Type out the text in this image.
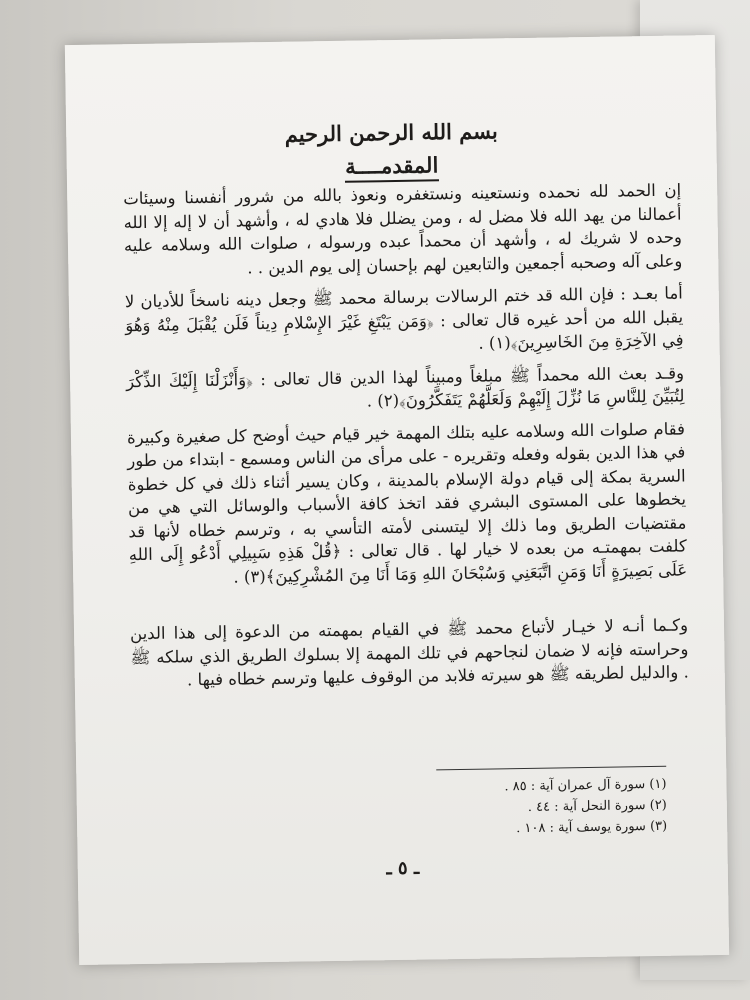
بسم الله الرحمن الرحيم

المقدمــــة

إن الحمد لله نحمده ونستعينه ونستغفره ونعوذ بالله من شرور أنفسنا وسيئات أعمالنا من يهد الله فلا مضل له ، ومن يضلل فلا هادي له ، وأشهد أن لا إله إلا الله وحده لا شريك له ، وأشهد أن محمداً عبده ورسوله ، صلوات الله وسلامه عليه وعلى آله وصحبه أجمعين والتابعين لهم بإحسان إلى يوم الدين . .

أما بعـد : فإن الله قد ختم الرسالات برسالة محمد ﷺ وجعل دينه ناسخاً للأديان لا يقبل الله من أحد غيره قال تعالى : ﴿وَمَن يَبْتَغِ غَيْرَ الإِسْلامِ دِيناً فَلَن يُقْبَلَ مِنْهُ وَهُوَ فِي الآخِرَةِ مِنَ الخَاسِرِينَ﴾(١) .

وقـد بعث الله محمداً ﷺ مبلغاً ومبيناً لهذا الدين قال تعالى : ﴿وَأَنْزَلْنَا إِلَيْكَ الذِّكْرَ لِتُبَيِّنَ لِلنَّاسِ مَا نُزِّلَ إِلَيْهِمْ وَلَعَلَّهُمْ يَتَفَكَّرُونَ﴾(٢) .

فقام صلوات الله وسلامه عليه بتلك المهمة خير قيام حيث أوضح كل صغيرة وكبيرة في هذا الدين بقوله وفعله وتقريره - على مرأى من الناس ومسمع - ابتداء من طور السرية بمكة إلى قيام دولة الإسلام بالمدينة ، وكان يسير أثناء ذلك في كل خطوة يخطوها على المستوى البشري فقد اتخذ كافة الأسباب والوسائل التي هي من مقتضيات الطريق وما ذلك إلا ليتسنى لأمته التأسي به ، وترسم خطاه لأنها قد كلفت بمهمتـه من بعده لا خيار لها . قال تعالى : ﴿قُلْ هَذِهِ سَبِيلِي أَدْعُو إِلَى اللهِ عَلَى بَصِيرَةٍ أَنَا وَمَنِ اتَّبَعَنِي وَسُبْحَانَ اللهِ وَمَا أَنَا مِنَ المُشْرِكِينَ﴾(٣) .

وكـما أنـه لا خيـار لأتباع محمد ﷺ في القيام بمهمته من الدعوة إلى هذا الدين وحراسته فإنه لا ضمان لنجاحهم في تلك المهمة إلا بسلوك الطريق الذي سلكه ﷺ . والدليل لطريقه ﷺ هو سيرته فلابد من الوقوف عليها وترسم خطاه فيها .

(١) سورة آل عمران آية : ٨٥ .
(٢) سورة النحل آية : ٤٤ .
(٣) سورة يوسف آية : ١٠٨ .
ـ ٥ ـ
